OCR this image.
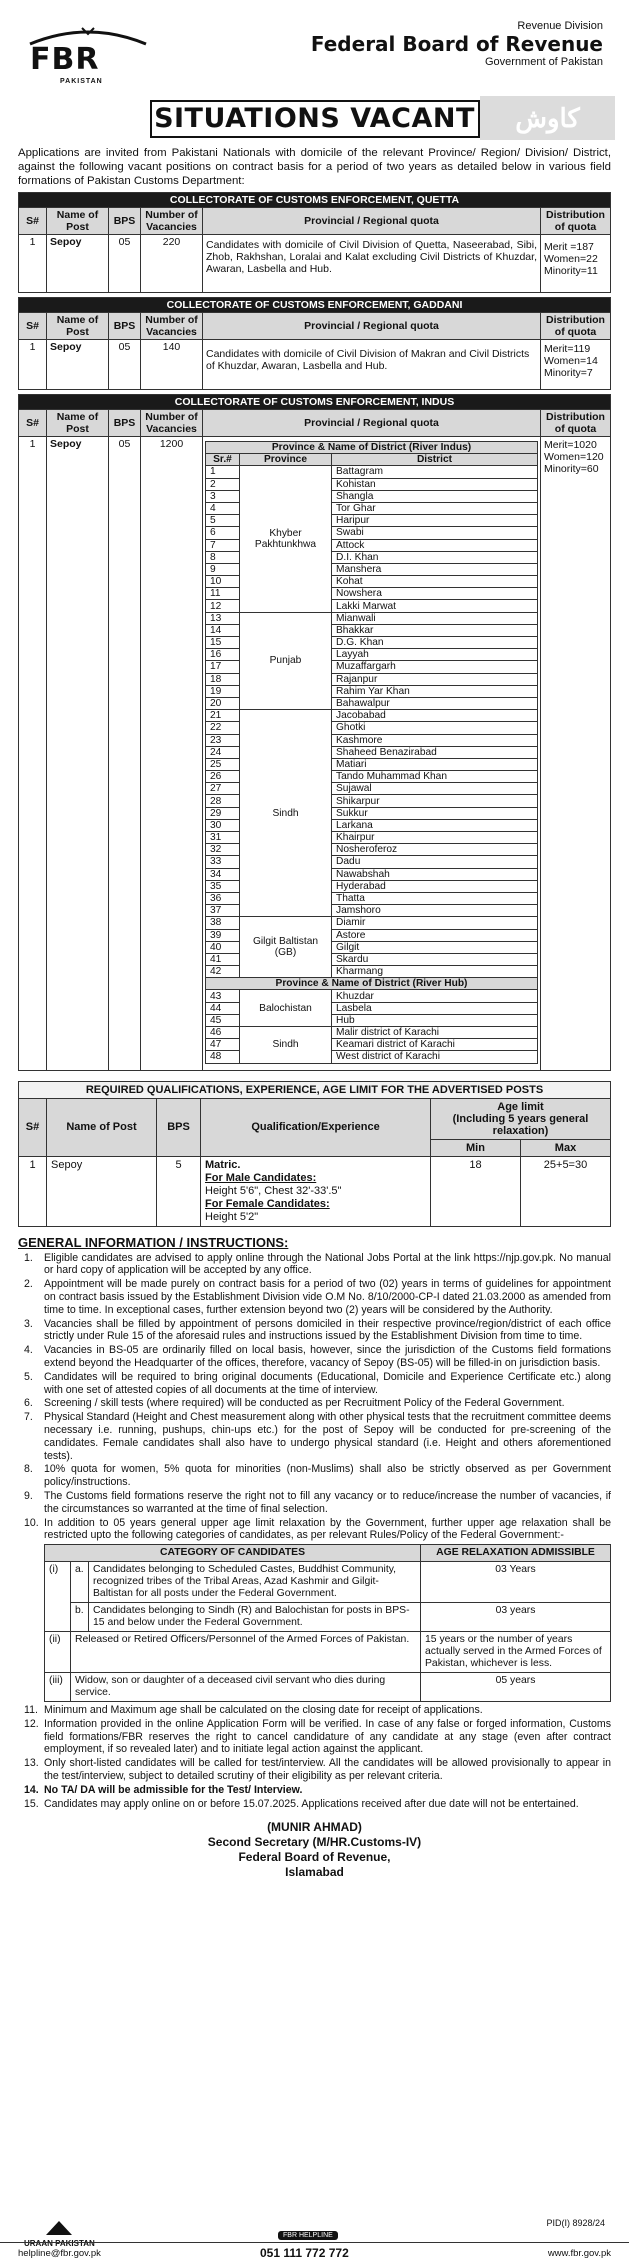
FBR
PAKISTAN
Revenue Division
Federal Board of Revenue
Government of Pakistan
SITUATIONS VACANT	کاوش

Applications are invited from Pakistani Nationals with domicile of the relevant Province/ Region/ Division/ District, against the following vacant positions on contract basis for a period of two years as detailed below in various field formations of Pakistan Customs Department:

COLLECTORATE OF CUSTOMS ENFORCEMENT, QUETTA					
S#	Name of Post	BPS	Number of Vacancies	Provincial / Regional quota	Distribution of quota
1	Sepoy	05	220	Candidates with domicile of Civil Division of Quetta, Naseerabad, Sibi, Zhob, Rakhshan, Loralai and Kalat excluding Civil Districts of Khuzdar, Awaran, Lasbella and Hub.	Merit =187
Women=22
Minority=11
COLLECTORATE OF CUSTOMS ENFORCEMENT, GADDANI					
S#	Name of Post	BPS	Number of Vacancies	Provincial / Regional quota	Distribution of quota
1	Sepoy	05	140	Candidates with domicile of Civil Division of Makran and Civil Districts of Khuzdar, Awaran, Lasbella and Hub.	Merit=119
Women=14
Minority=7
COLLECTORATE OF CUSTOMS ENFORCEMENT, INDUS
S#	Name of Post	BPS	Number of Vacancies	Provincial / Regional quota	Distribution of quota
1	Sepoy	05	1200		Province & Name of District (River Indus)
Sr.#	Province	District
1	Khyber Pakhtunkhwa	Battagram
2	Kohistan
3	Shangla
4	Tor Ghar
5	Haripur
6	Swabi
7	Attock
8	D.I. Khan
9	Manshera
10	Kohat
11	Nowshera
12	Lakki Marwat
13	Punjab	Mianwali
14	Bhakkar
15	D.G. Khan
16	Layyah
17	Muzaffargarh
18	Rajanpur
19	Rahim Yar Khan
20	Bahawalpur
21	Sindh	Jacobabad
22	Ghotki
23	Kashmore
24	Shaheed Benazirabad
25	Matiari
26	Tando Muhammad Khan
27	Sujawal
28	Shikarpur
29	Sukkur
30	Larkana
31	Khairpur
32	Nosheroferoz
33	Dadu
34	Nawabshah
35	Hyderabad
36	Thatta
37	Jamshoro
38	Gilgit Baltistan (GB)	Diamir
39	Astore
40	Gilgit
41	Skardu
42	Kharmang
Province & Name of District (River Hub)
43	Balochistan	Khuzdar
44	Lasbela
45	Hub
46	Sindh	Malir district of Karachi
47	Keamari district of Karachi
48	West district of Karachi

Merit=1020
Women=120
Minority=60
REQUIRED QUALIFICATIONS, EXPERIENCE, AGE LIMIT FOR THE ADVERTISED POSTS					
S#	Name of Post	BPS	Qualification/Experience	Age limit
(Including 5 years general relaxation)	
				Min	Max
1	Sepoy	5	Matric.
For Male Candidates:
Height 5'6", Chest 32'-33'.5"
For Female Candidates:
Height 5'2"	18	25+5=30
GENERAL INFORMATION / INSTRUCTIONS:
1. Eligible candidates are advised to apply online through the National Jobs Portal at the link https://njp.gov.pk. No manual or hard copy of application will be accepted by any office.
2. Appointment will be made purely on contract basis for a period of two (02) years in terms of guidelines for appointment on contract basis issued by the Establishment Division vide O.M No. 8/10/2000-CP-I dated 21.03.2000 as amended from time to time. In exceptional cases, further extension beyond two (2) years will be considered by the Authority.
3. Vacancies shall be filled by appointment of persons domiciled in their respective province/region/district of each office strictly under Rule 15 of the aforesaid rules and instructions issued by the Establishment Division from time to time.
4. Vacancies in BS-05 are ordinarily filled on local basis, however, since the jurisdiction of the Customs field formations extend beyond the Headquarter of the offices, therefore, vacancy of Sepoy (BS-05) will be filled-in on jurisdiction basis.
5. Candidates will be required to bring original documents (Educational, Domicile and Experience Certificate etc.) along with one set of attested copies of all documents at the time of interview.
6. Screening / skill tests (where required) will be conducted as per Recruitment Policy of the Federal Government.
7. Physical Standard (Height and Chest measurement along with other physical tests that the recruitment committee deems necessary i.e. running, pushups, chin-ups etc.) for the post of Sepoy will be conducted for pre-screening of the candidates. Female candidates shall also have to undergo physical standard (i.e. Height and others aforementioned tests).
8. 10% quota for women, 5% quota for minorities (non-Muslims) shall also be strictly observed as per Government policy/instructions.
9. The Customs field formations reserve the right not to fill any vacancy or to reduce/increase the number of vacancies, if the circumstances so warranted at the time of final selection.
10. In addition to 05 years general upper age limit relaxation by the Government, further upper age relaxation shall be restricted upto the following categories of candidates, as per relevant Rules/Policy of the Federal Government:-
CATEGORY OF CANDIDATES			AGE RELAXATION ADMISSIBLE
(i)	a.	Candidates belonging to Scheduled Castes, Buddhist Community, recognized tribes of the Tribal Areas, Azad Kashmir and Gilgit-Baltistan for all posts under the Federal Government.	03 Years
	b.	Candidates belonging to Sindh (R) and Balochistan for posts in BPS-15 and below under the Federal Government.	03 years
(ii)	Released or Retired Officers/Personnel of the Armed Forces of Pakistan.		15 years or the number of years actually served in the Armed Forces of Pakistan, whichever is less.
(iii)	Widow, son or daughter of a deceased civil servant who dies during service.		05 years
11. Minimum and Maximum age shall be calculated on the closing date for receipt of applications.
12. Information provided in the online Application Form will be verified. In case of any false or forged information, Customs field formations/FBR reserves the right to cancel candidature of any candidate at any stage (even after contract employment, if so revealed later) and to initiate legal action against the applicant.
13. Only short-listed candidates will be called for test/interview. All the candidates will be allowed provisionally to appear in the test/interview, subject to detailed scrutiny of their eligibility as per relevant criteria.
14. No TA/ DA will be admissible for the Test/ Interview.
15. Candidates may apply online on or before 15.07.2025. Applications received after due date will not be entertained.
(MUNIR AHMAD)
Second Secretary (M/HR.Customs-IV)
Federal Board of Revenue,
Islamabad
URAAN PAKISTAN
PID(I) 8928/24
FBR HELPLINE
helpline@fbr.gov.pk	051 111 772 772	www.fbr.gov.pk
